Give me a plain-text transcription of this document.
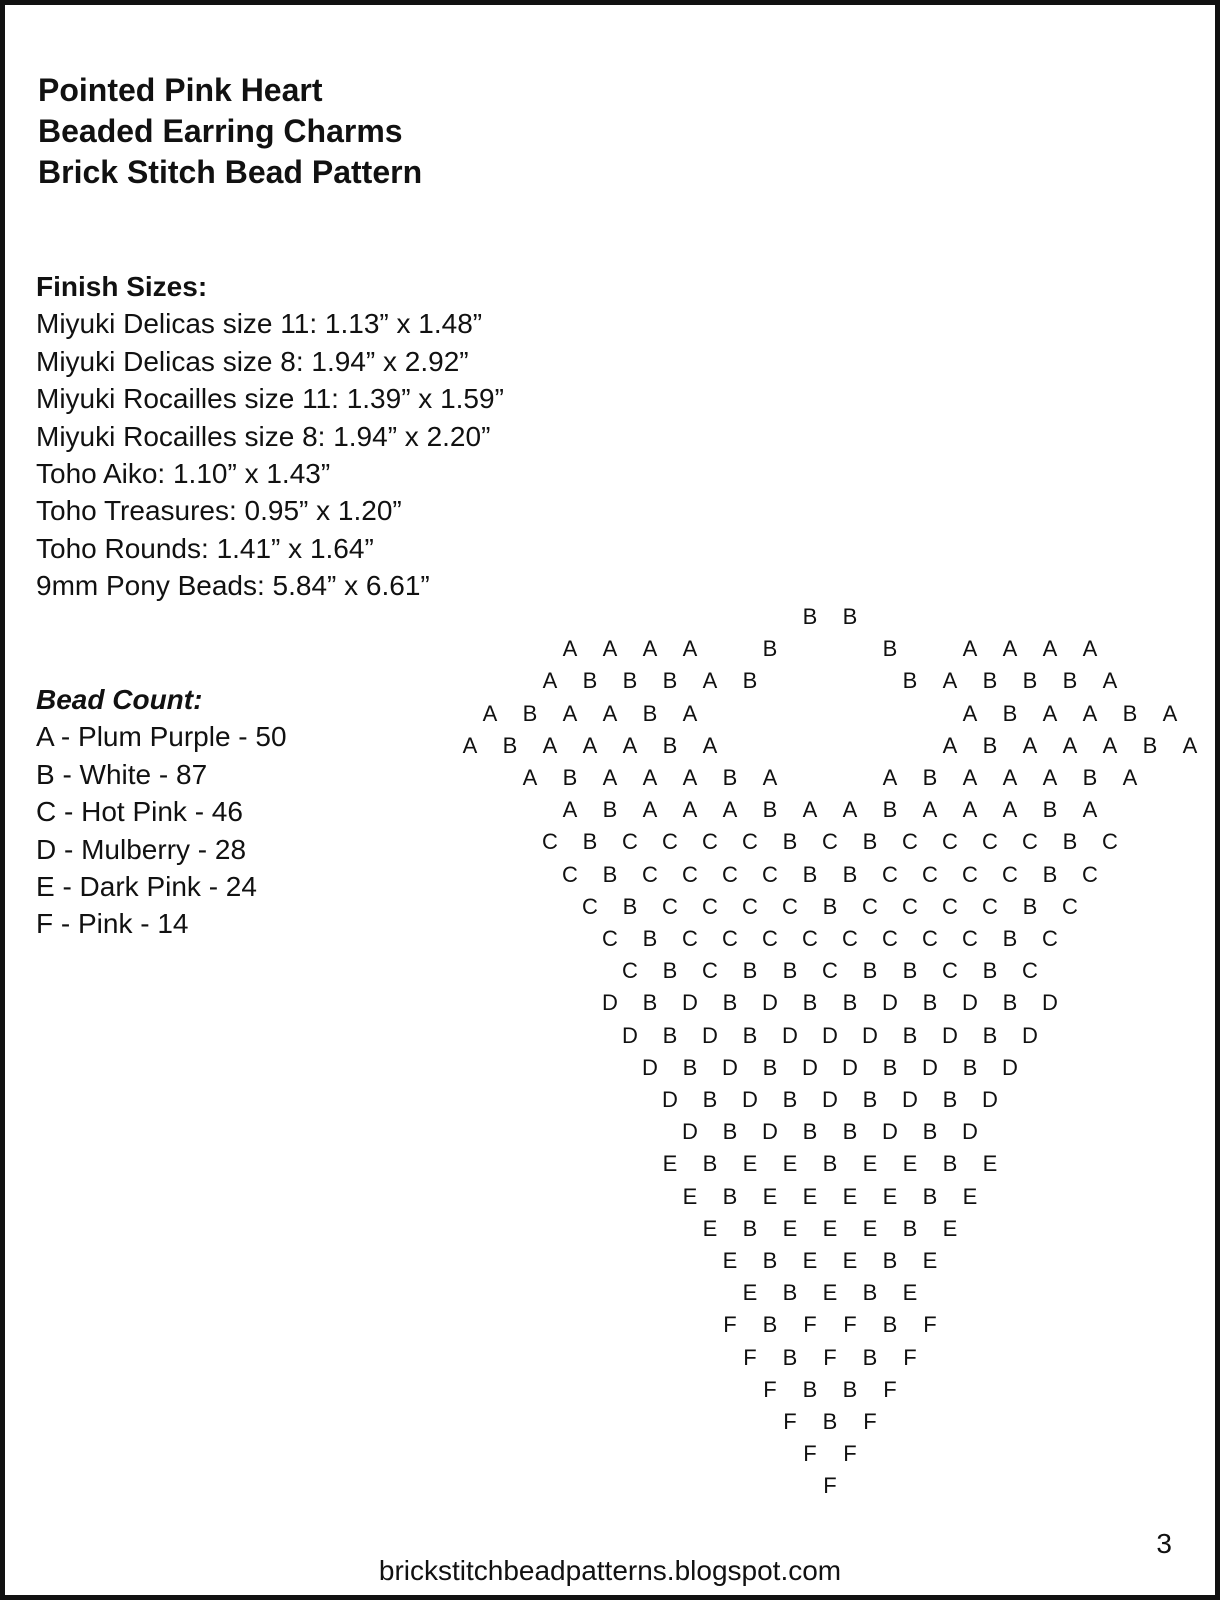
Pointed Pink Heart
Beaded Earring Charms
Brick Stitch Bead Pattern
Finish Sizes:
Miyuki Delicas size 11: 1.13” x 1.48”
Miyuki Delicas size 8: 1.94” x 2.92”
Miyuki Rocailles size 11: 1.39” x 1.59”
Miyuki Rocailles size 8: 1.94” x 2.20”
Toho Aiko: 1.10” x 1.43”
Toho Treasures: 0.95” x 1.20”
Toho Rounds: 1.41” x 1.64”
9mm Pony Beads: 5.84” x 6.61”
Bead Count:
A - Plum Purple - 50
B - White - 87
C - Hot Pink - 46
D - Mulberry - 28
E - Dark Pink - 24
F - Pink - 14
B B
A A A A	B	B	A A A A
A B B B A B	B A B B B A
A B A A B A	A B A A B A
A B A A A B A	A B A A A B A
A B A A A B A	A B A A A B A
A B A A A B A A B A A A B A
C B C C C C B C B C C C C B C
C B C C C C B B C C C C B C
C B C C C C B C C C C B C
C B C C C C C C C C B C
C B C B B C B B C B C
D B D B D B B D B D B D
D B D B D D D B D B D
D B D B D D B D B D
D B D B D B D B D
D B D B B D B D
E B E E B E E B E
E B E E E E B E
E B E E E B E
E B E E B E
E B E B E
F B F F B F
F B F B F
F B B F
F B F
F F
F
3
brickstitchbeadpatterns.blogspot.com
